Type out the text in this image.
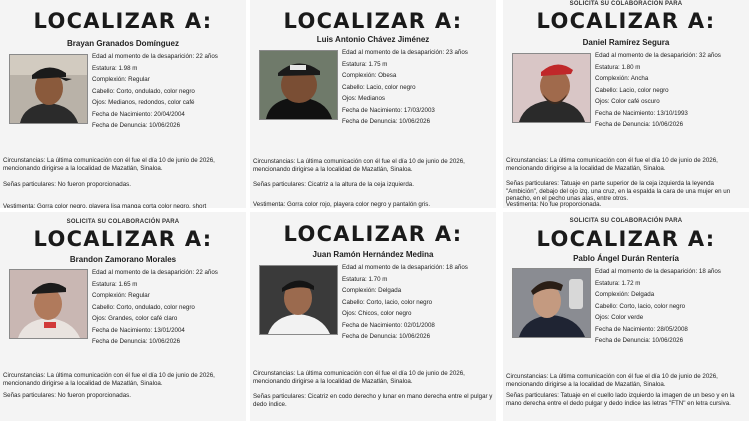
LOCALIZAR A:
Brayan Granados Domínguez
Edad al momento de la desaparición: 22 años
Estatura: 1.98 m
Complexión: Regular
Cabello: Corto, ondulado, color negro
Ojos: Medianos, redondos, color café
Fecha de Nacimiento: 20/04/2004
Fecha de Denuncia: 10/06/2026
Circunstancias: La última comunicación con él fue el día 10 de junio de 2026, mencionando dirigirse a la localidad de Mazatlán, Sinaloa.
Señas particulares: No fueron proporcionadas.
Vestimenta: Gorra color negro, playera lisa manga corta color negro, short
LOCALIZAR A:
Luis Antonio Chávez Jiménez
Edad al momento de la desaparición: 23 años
Estatura: 1.75 m
Complexión: Obesa
Cabello: Lacio, color negro
Ojos: Medianos
Fecha de Nacimiento: 17/03/2003
Fecha de Denuncia: 10/06/2026
Circunstancias: La última comunicación con él fue el día 10 de junio de 2026, mencionando dirigirse a la localidad de Mazatlán, Sinaloa.
Señas particulares: Cicatriz a la altura de la ceja izquierda.
Vestimenta: Gorra color rojo, playera color negro y pantalón gris.
SOLICITA SU COLABORACIÓN PARA
LOCALIZAR A:
Daniel Ramírez Segura
Edad al momento de la desaparición: 32 años
Estatura: 1.80 m
Complexión: Ancha
Cabello: Lacio, color negro
Ojos: Color café oscuro
Fecha de Nacimiento: 13/10/1993
Fecha de Denuncia: 10/06/2026
Circunstancias: La última comunicación con él fue el día 10 de junio de 2026, mencionando dirigirse a la localidad de Mazatlán, Sinaloa.
Señas particulares: Tatuaje en parte superior de la ceja izquierda la leyenda "Ambición", debajo del ojo izq. una cruz, en la espalda la cara de una mujer en un penacho, en el pecho unas alas, entre otros.
Vestimenta: No fue proporcionada.
SOLICITA SU COLABORACIÓN PARA
LOCALIZAR A:
Brandon Zamorano Morales
Edad al momento de la desaparición: 22 años
Estatura: 1.65 m
Complexión: Regular
Cabello: Corto, ondulado, color negro
Ojos: Grandes, color café claro
Fecha de Nacimiento: 13/01/2004
Fecha de Denuncia: 10/06/2026
Circunstancias: La última comunicación con él fue el día 10 de junio de 2026, mencionando dirigirse a la localidad de Mazatlán, Sinaloa.
Señas particulares: No fueron proporcionadas.
LOCALIZAR A:
Juan Ramón Hernández Medina
Edad al momento de la desaparición: 18 años
Estatura: 1.70 m
Complexión: Delgada
Cabello: Corto, lacio, color negro
Ojos: Chicos, color negro
Fecha de Nacimiento: 02/01/2008
Fecha de Denuncia: 10/06/2026
Circunstancias: La última comunicación con él fue el día 10 de junio de 2026, mencionando dirigirse a la localidad de Mazatlán, Sinaloa.
Señas particulares: Cicatriz en codo derecho y lunar en mano derecha entre el pulgar y dedo índice.
SOLICITA SU COLABORACIÓN PARA
LOCALIZAR A:
Pablo Ángel Durán Rentería
Edad al momento de la desaparición: 18 años
Estatura: 1.72 m
Complexión: Delgada
Cabello: Corto, lacio, color negro
Ojos: Color verde
Fecha de Nacimiento: 28/05/2008
Fecha de Denuncia: 10/06/2026
Circunstancias: La última comunicación con él fue el día 10 de junio de 2026, mencionando dirigirse a la localidad de Mazatlán, Sinaloa.
Señas particulares: Tatuaje en el cuello lado izquierdo la imagen de un beso y en la mano derecha entre el dedo pulgar y dedo índice las letras "FTN" en letra cursiva.
